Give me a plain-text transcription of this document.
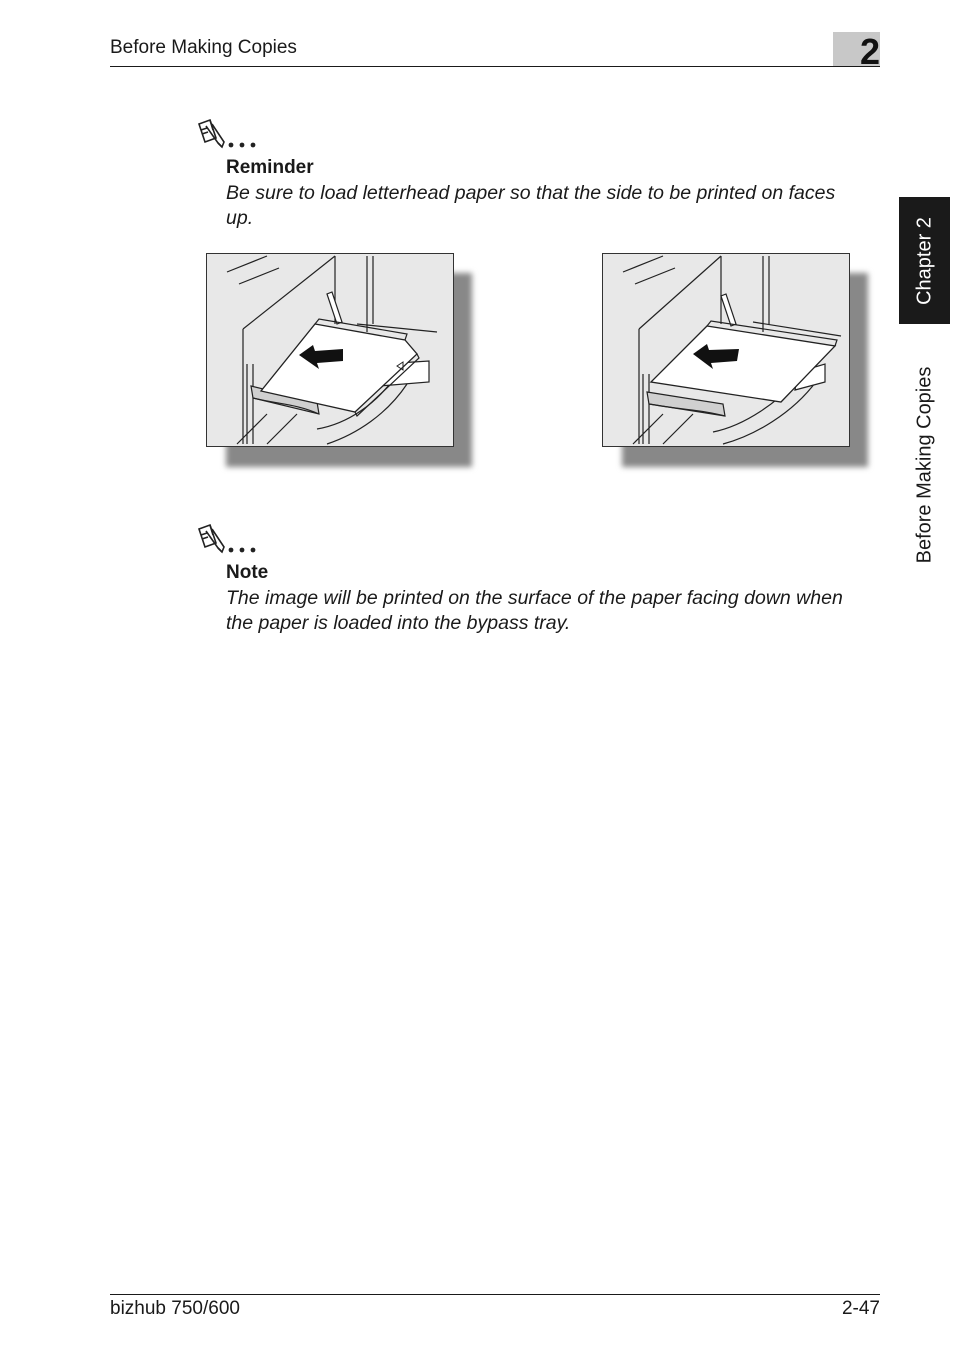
Before Making Copies	2
Chapter 2
Before Making Copies
Reminder
Be sure to load letterhead paper so that the side to be printed on faces
up.
Note
The image will be printed on the surface of the paper facing down when
the paper is loaded into the bypass tray.
bizhub 750/600	2-47
